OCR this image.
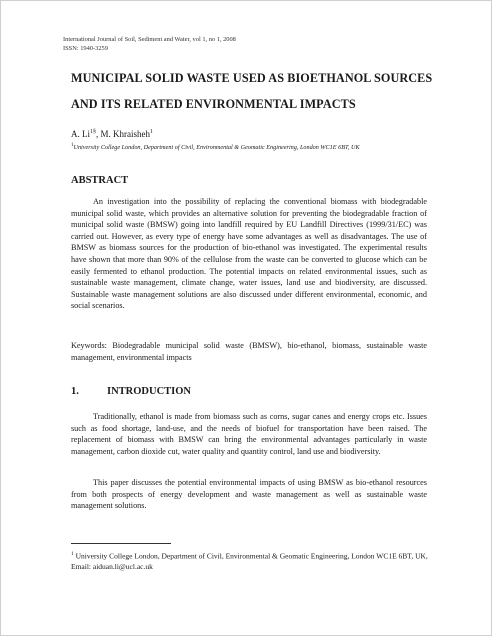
International Journal of Soil, Sediment and Water, vol 1, no 1, 2008
ISSN: 1940-3259
MUNICIPAL SOLID WASTE USED AS BIOETHANOL SOURCES
AND ITS RELATED ENVIRONMENTAL IMPACTS
A. $Li^{1\S}$, M. Khraisheh$^1$
$^1$University College London, Department of Civil, Environmental & Geomatic Engineering, London WC1E 6BT, UK
ABSTRACT

An investigation into the possibility of replacing the conventional biomass with biodegradable municipal solid waste, which provides an alternative solution for preventing the biodegradable fraction of municipal solid waste (BMSW) going into landfill required by EU Landfill Directives (1999/31/EC) was carried out. However, as every type of energy have some advantages as well as disadvantages. The use of BMSW as biomass sources for the production of bio-ethanol was investigated. The experimental results have shown that more than 90% of the cellulose from the waste can be converted to glucose which can be easily fermented to ethanol production. The potential impacts on related environmental issues, such as sustainable waste management, climate change, water issues, land use and biodiversity, are discussed. Sustainable waste management solutions are also discussed under different environmental, economic, and social scenarios.

Keywords: Biodegradable municipal solid waste (BMSW), bio-ethanol, biomass, sustainable waste management, environmental impacts

1.	INTRODUCTION

Traditionally, ethanol is made from biomass such as corns, sugar canes and energy crops etc. Issues such as food shortage, land-use, and the needs of biofuel for transportation have been raised. The replacement of biomass with BMSW can bring the environmental advantages particularly in waste management, carbon dioxide cut, water quality and quantity control, land use and biodiversity.

This paper discusses the potential environmental impacts of using BMSW as bio-ethanol resources from both prospects of energy development and waste management as well as sustainable waste management solutions.

$^1$ University College London, Department of Civil, Environmental & Geomatic Engineering, London WC1E 6BT, UK, Email: aiduan.li@ucl.ac.uk
